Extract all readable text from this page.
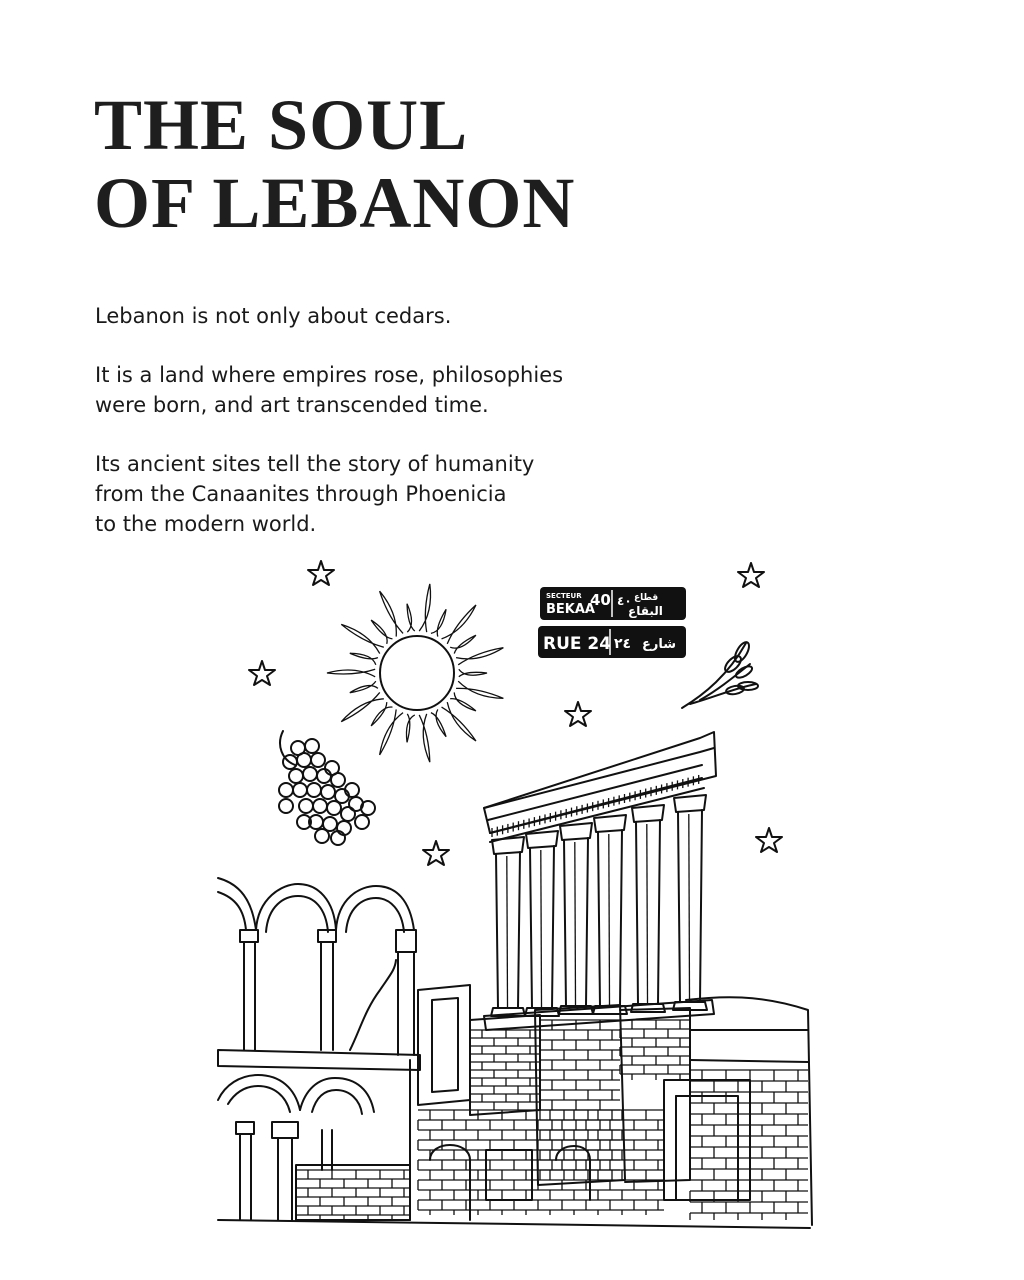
THE SOUL
OF LEBANON

Lebanon is not only about cedars.

It is a land where empires rose, philosophies
were born, and art transcended time.

Its ancient sites tell the story of humanity
from the Canaanites through Phoenicia
to the modern world.

SECTEUR
BEKAA
40 ٤٠ قطاع
البقاع
RUE 24 ٢٤ شارع
